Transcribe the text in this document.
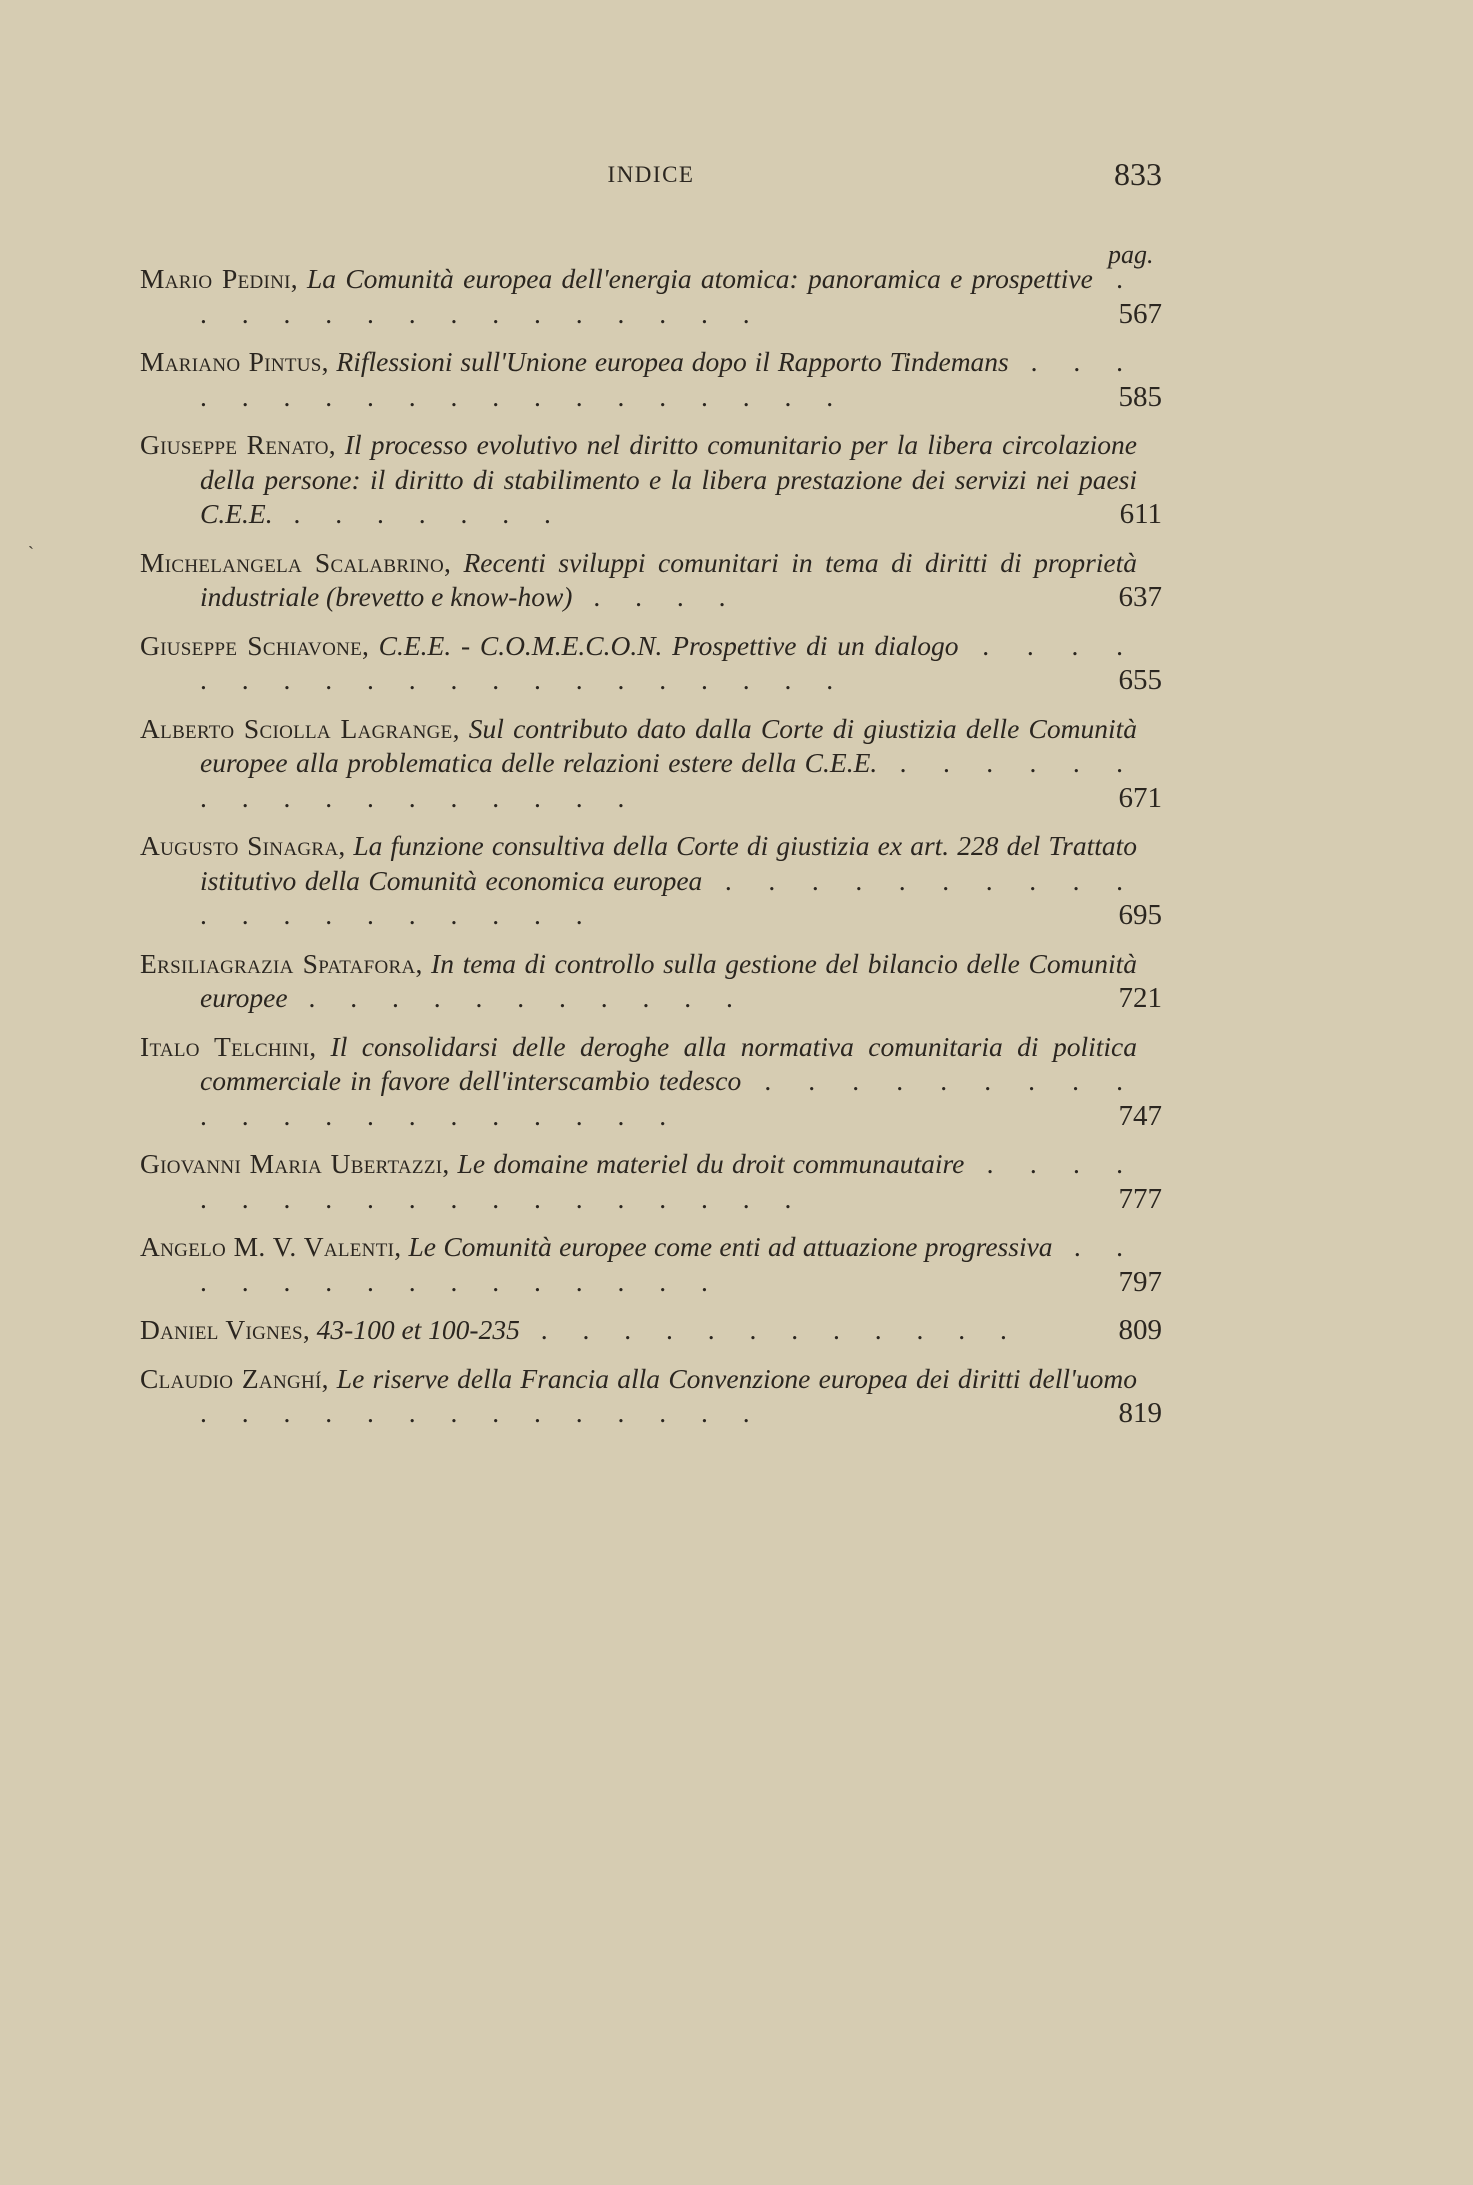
INDICE	833
pag.
`
Mario Pedini, La Comunità europea dell'energia atomica: panoramica e prospettive . . . . . . . . . . . . . . .	567
Mariano Pintus, Riflessioni sull'Unione europea dopo il Rapporto Tindemans . . . . . . . . . . . . . . . . . . .	585
Giuseppe Renato, Il processo evolutivo nel diritto comunitario per la libera circolazione della persone: il diritto di stabilimento e la libera prestazione dei servizi nei paesi C.E.E. . . . . . . .	611
Michelangela Scalabrino, Recenti sviluppi comunitari in tema di diritti di proprietà industriale (brevetto e know-how) . . . .	637
Giuseppe Schiavone, C.E.E. - C.O.M.E.C.O.N. Prospettive di un dialogo . . . . . . . . . . . . . . . . . . . .	655
Alberto Sciolla Lagrange, Sul contributo dato dalla Corte di giustizia delle Comunità europee alla problematica delle relazioni estere della C.E.E. . . . . . . . . . . . . . . . . .	671
Augusto Sinagra, La funzione consultiva della Corte di giustizia ex art. 228 del Trattato istitutivo della Comunità economica europea . . . . . . . . . . . . . . . . . . . .	695
Ersiliagrazia Spatafora, In tema di controllo sulla gestione del bilancio delle Comunità europee . . . . . . . . . . .	721
Italo Telchini, Il consolidarsi delle deroghe alla normativa comunitaria di politica commerciale in favore dell'interscambio tedesco . . . . . . . . . . . . . . . . . . . . .	747
Giovanni Maria Ubertazzi, Le domaine materiel du droit communautaire . . . . . . . . . . . . . . . . . . .	777
Angelo M. V. Valenti, Le Comunità europee come enti ad attuazione progressiva . . . . . . . . . . . . . . .	797
Daniel Vignes, 43-100 et 100-235 . . . . . . . . . . . .	809
Claudio Zanghí, Le riserve della Francia alla Convenzione europea dei diritti dell'uomo . . . . . . . . . . . . . .	819
